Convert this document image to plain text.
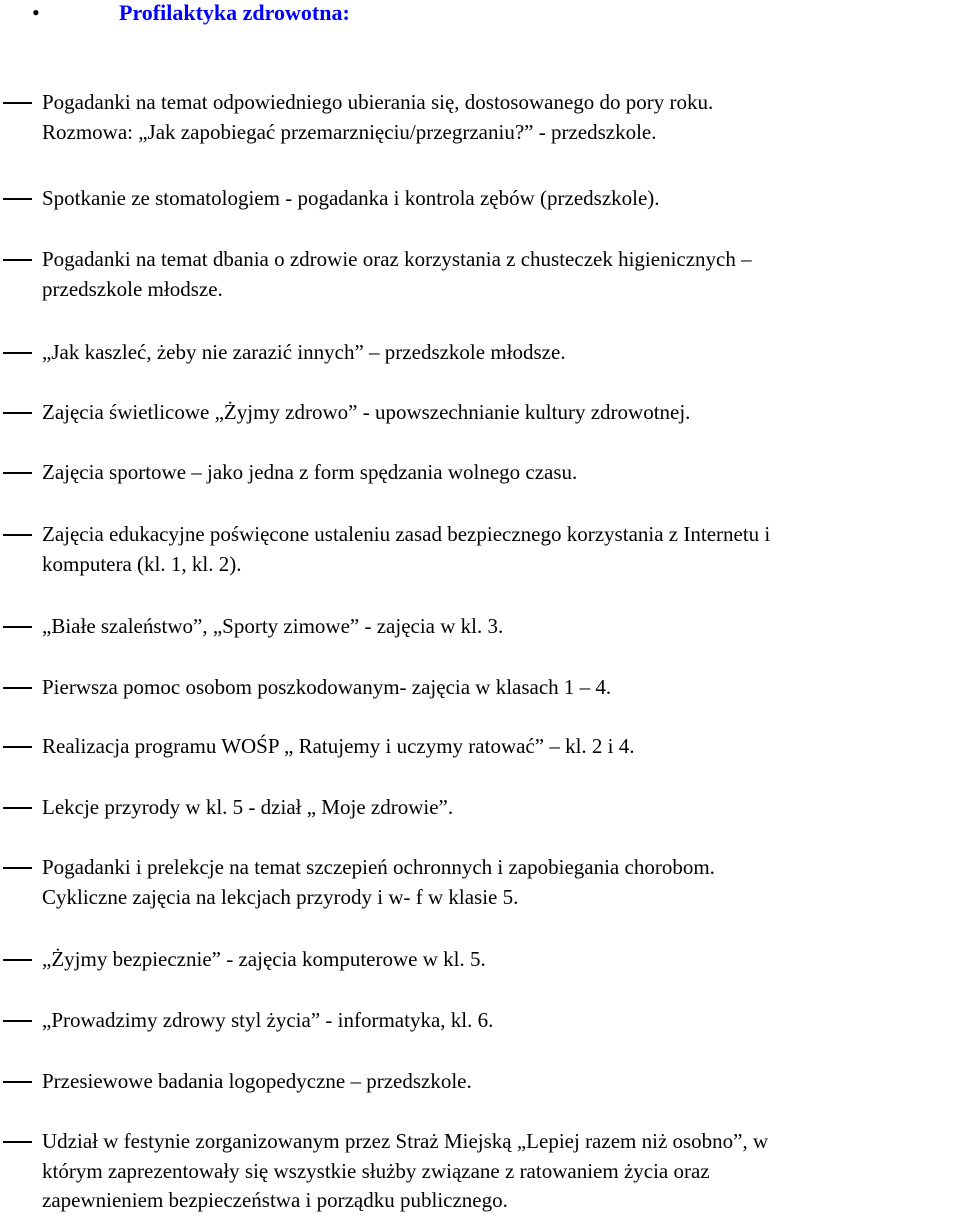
•	Profilaktyka zdrowotna:
Pogadanki na temat odpowiedniego ubierania się, dostosowanego do pory roku.
Rozmowa: „Jak zapobiegać przemarznięciu/przegrzaniu?” - przedszkole.
Spotkanie ze stomatologiem - pogadanka i kontrola zębów (przedszkole).
Pogadanki na temat dbania o zdrowie oraz korzystania z chusteczek higienicznych –
przedszkole młodsze.
„Jak kaszleć, żeby nie zarazić innych” – przedszkole młodsze.
Zajęcia świetlicowe „Żyjmy zdrowo” - upowszechnianie kultury zdrowotnej.
Zajęcia sportowe – jako jedna z form spędzania wolnego czasu.
Zajęcia edukacyjne poświęcone ustaleniu zasad bezpiecznego korzystania z Internetu i
komputera (kl. 1, kl. 2).
„Białe szaleństwo”, „Sporty zimowe” - zajęcia w kl. 3.
Pierwsza pomoc osobom poszkodowanym- zajęcia w klasach 1 – 4.
Realizacja programu WOŚP „ Ratujemy i uczymy ratować” – kl. 2 i 4.
Lekcje przyrody w kl. 5 - dział „ Moje zdrowie”.
Pogadanki i prelekcje na temat szczepień ochronnych i zapobiegania chorobom.
Cykliczne zajęcia na lekcjach przyrody i w- f w klasie 5.
„Żyjmy bezpiecznie” - zajęcia komputerowe w kl. 5.
„Prowadzimy zdrowy styl życia” - informatyka, kl. 6.
Przesiewowe badania logopedyczne – przedszkole.
Udział w festynie zorganizowanym przez Straż Miejską „Lepiej razem niż osobno”, w
którym zaprezentowały się wszystkie służby związane z ratowaniem życia oraz
zapewnieniem bezpieczeństwa i porządku publicznego.
